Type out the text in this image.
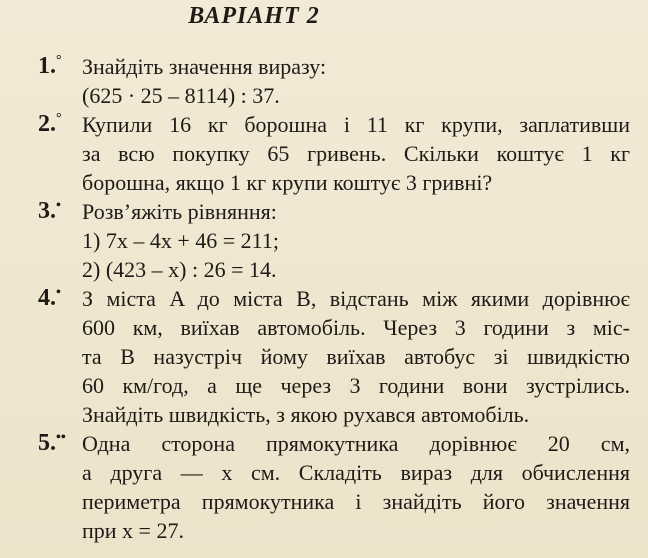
ВАРІАНТ 2
1. ° Знайдіть значення виразу:
(625 · 25 – 8114) : 37.
2. ° Купили 16 кг борошна і 11 кг крупи, заплативши
за всю покупку 65 гривень. Скільки коштує 1 кг
борошна, якщо 1 кг крупи коштує 3 гривні?
3. • Розв’яжіть рівняння:
1) 7x – 4x + 46 = 211;
2) (423 – x) : 26 = 14.
4. • З міста A до міста B, відстань між якими дорівнює
600 км, виїхав автомобіль. Через 3 години з міс-
та B назустріч йому виїхав автобус зі швидкістю
60 км/год, а ще через 3 години вони зустрілись.
Знайдіть швидкість, з якою рухався автомобіль.
5. •• Одна сторона прямокутника дорівнює 20 см,
а друга — x см. Складіть вираз для обчислення
периметра прямокутника і знайдіть його значення
при x = 27.
